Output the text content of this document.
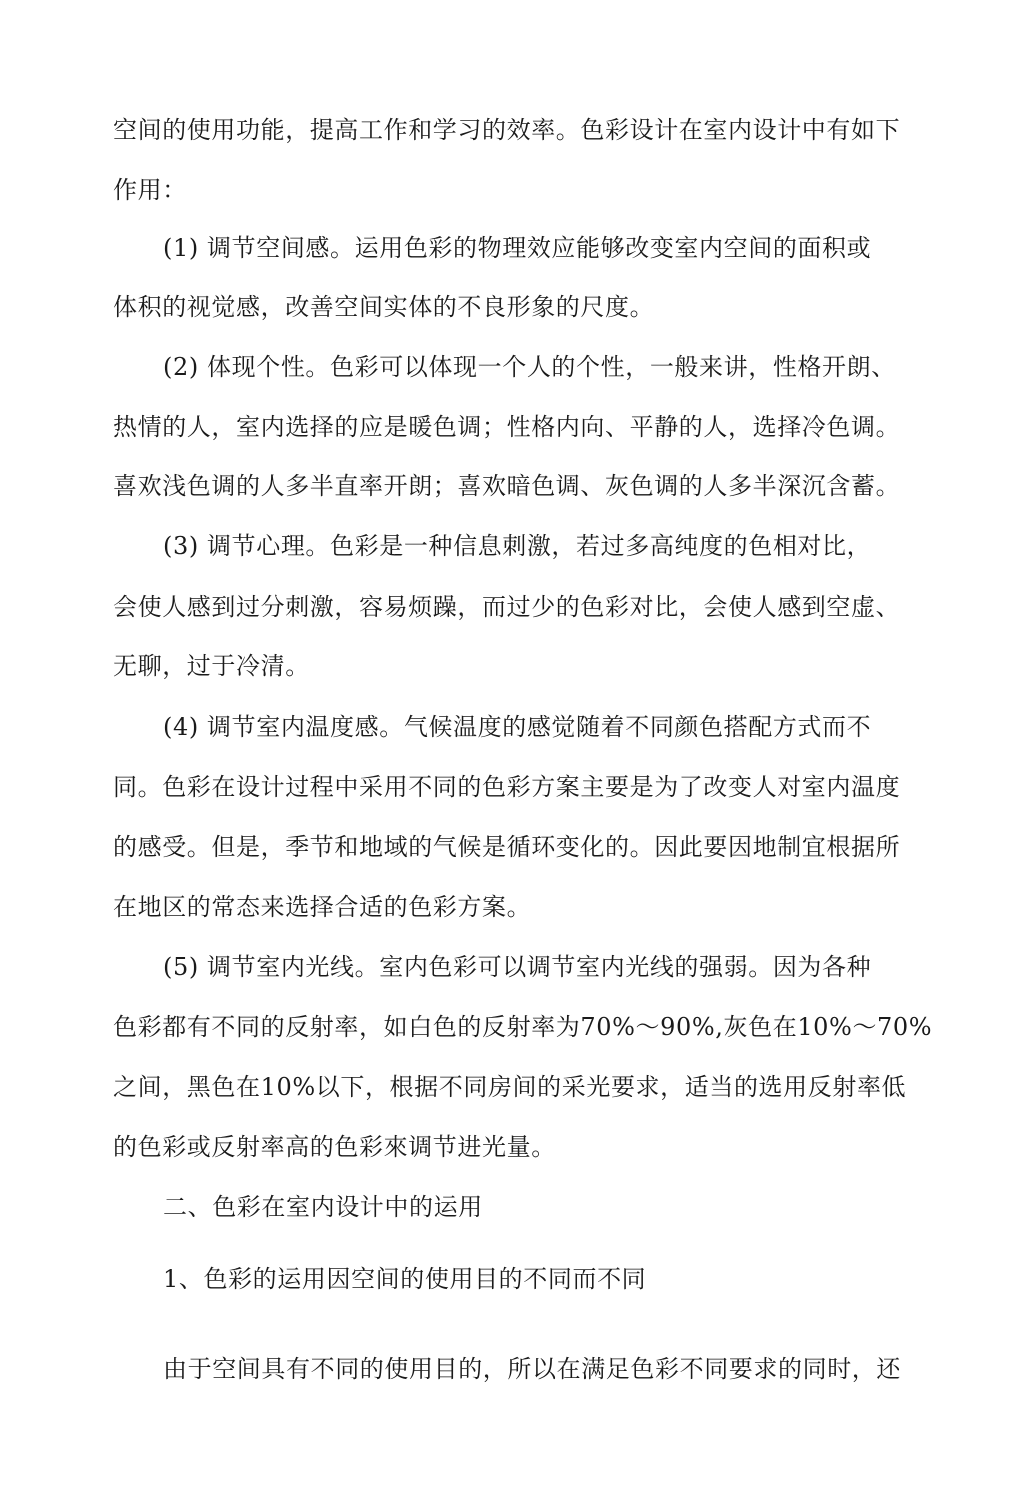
空间的使用功能，提高工作和学习的效率。色彩设计在室内设计中有如下
作用：
(1) 调节空间感。运用色彩的物理效应能够改变室内空间的面积或
体积的视觉感，改善空间实体的不良形象的尺度。
(2) 体现个性。色彩可以体现一个人的个性，一般来讲，性格开朗、
热情的人，室内选择的应是暖色调；性格内向、平静的人，选择冷色调。
喜欢浅色调的人多半直率开朗；喜欢暗色调、灰色调的人多半深沉含蓄。
(3) 调节心理。色彩是一种信息刺激，若过多高纯度的色相对比，
会使人感到过分刺激，容易烦躁，而过少的色彩对比，会使人感到空虚、
无聊，过于冷清。
(4) 调节室内温度感。气候温度的感觉随着不同颜色搭配方式而不
同。色彩在设计过程中采用不同的色彩方案主要是为了改变人对室内温度
的感受。但是，季节和地域的气候是循环变化的。因此要因地制宜根据所
在地区的常态来选择合适的色彩方案。
(5) 调节室内光线。室内色彩可以调节室内光线的强弱。因为各种
色彩都有不同的反射率，如白色的反射率为70%～90%,灰色在10%～70%
之间，黑色在10%以下，根据不同房间的采光要求，适当的选用反射率低
的色彩或反射率高的色彩來调节进光量。
二、色彩在室内设计中的运用
1、色彩的运用因空间的使用目的不同而不同
由于空间具有不同的使用目的，所以在满足色彩不同要求的同时，还
